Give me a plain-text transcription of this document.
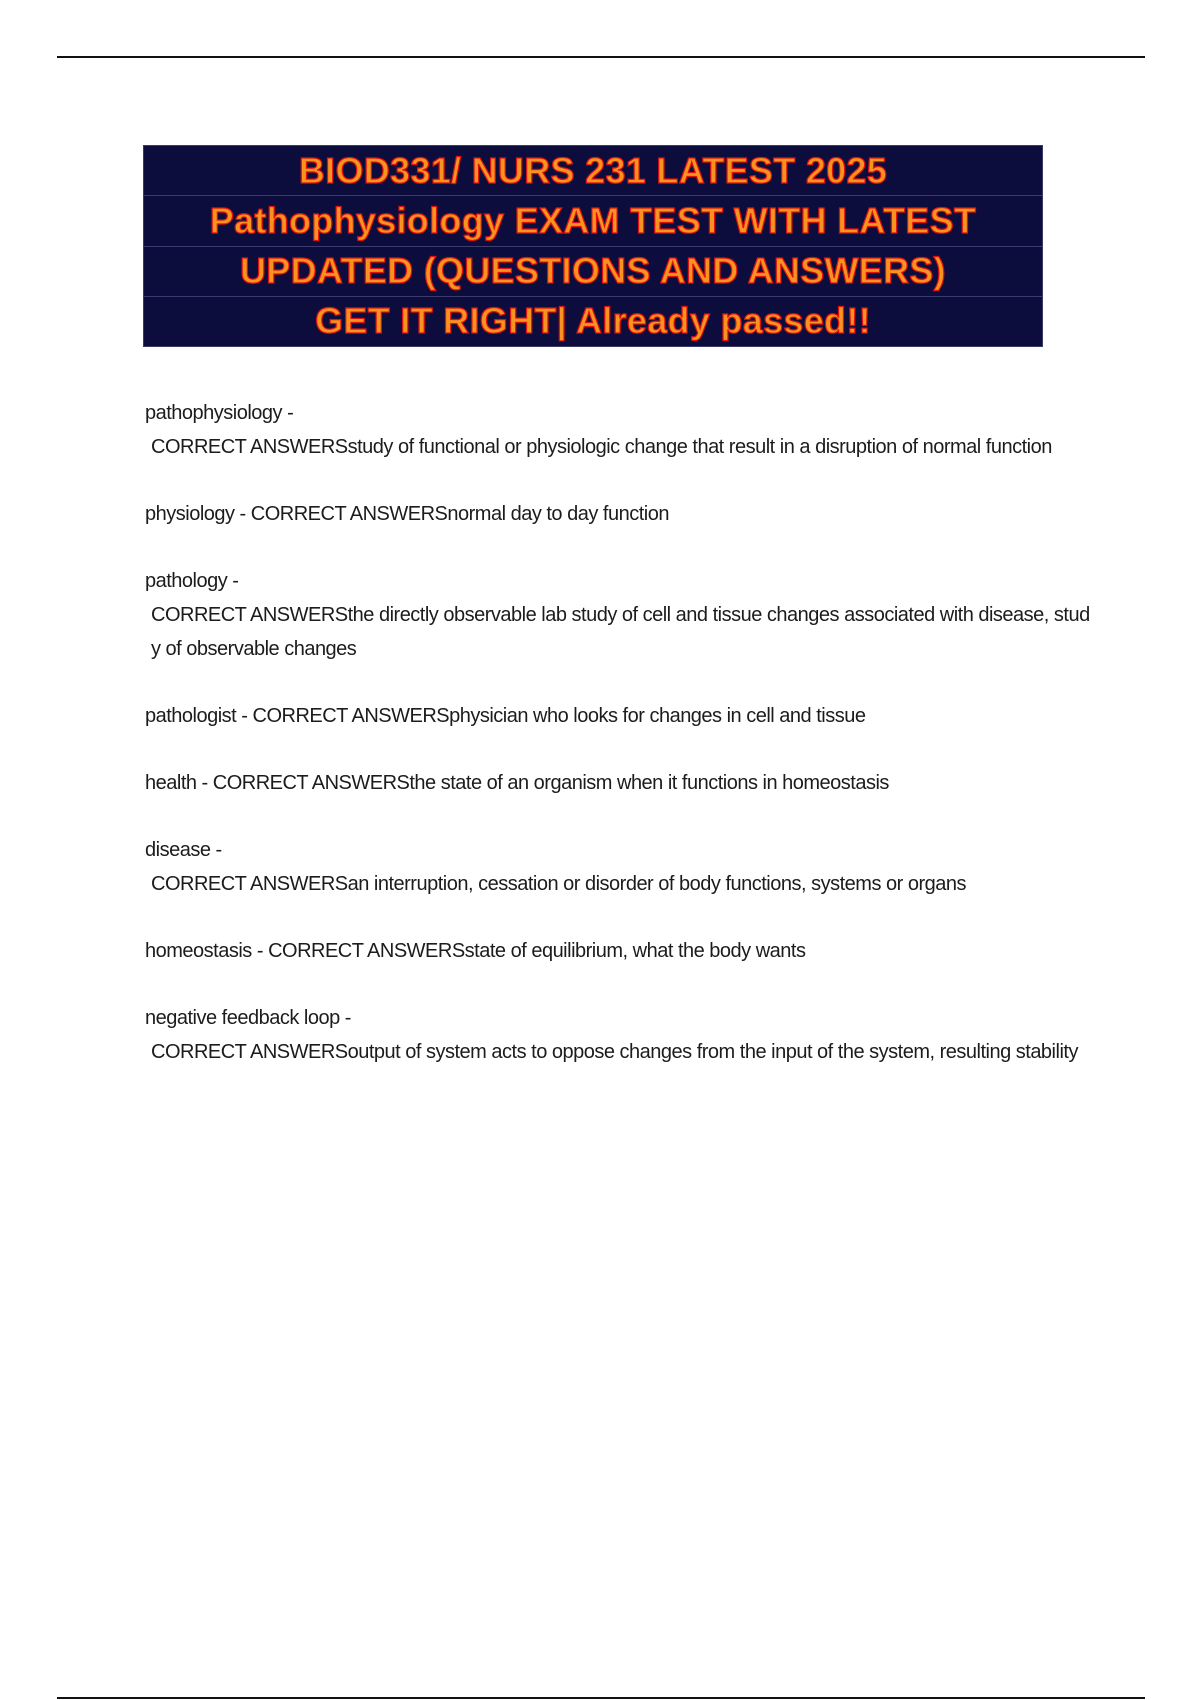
BIOD331/ NURS 231 LATEST 2025
Pathophysiology EXAM TEST WITH LATEST
UPDATED (QUESTIONS AND ANSWERS)
GET IT RIGHT| Already passed!!
pathophysiology -
CORRECT ANSWERSstudy of functional or physiologic change that result in a disruption of normal function
physiology - CORRECT ANSWERSnormal day to day function
pathology -
CORRECT ANSWERSthe directly observable lab study of cell and tissue changes associated with disease, study of observable changes
pathologist - CORRECT ANSWERSphysician who looks for changes in cell and tissue
health - CORRECT ANSWERSthe state of an organism when it functions in homeostasis
disease -
CORRECT ANSWERSan interruption, cessation or disorder of body functions, systems or organs
homeostasis - CORRECT ANSWERSstate of equilibrium, what the body wants
negative feedback loop -
CORRECT ANSWERSoutput of system acts to oppose changes from the input of the system, resulting stability
